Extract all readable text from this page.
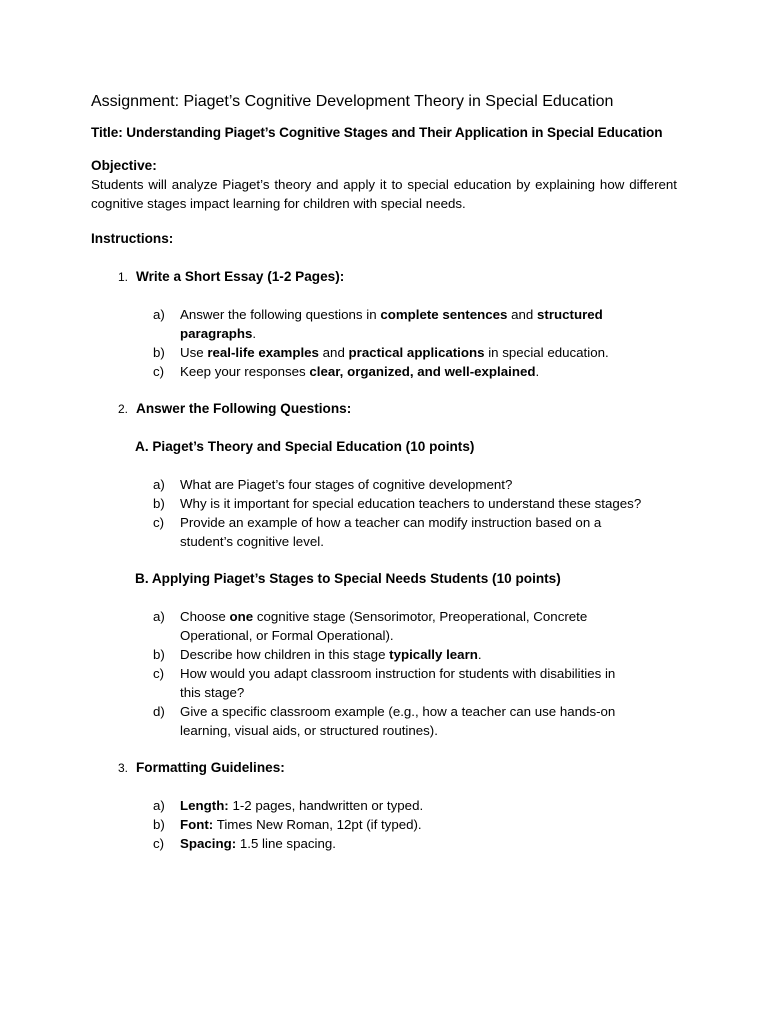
Assignment: Piaget’s Cognitive Development Theory in Special Education
Title: Understanding Piaget’s Cognitive Stages and Their Application in Special Education
Objective:
Students will analyze Piaget’s theory and apply it to special education by explaining how different cognitive stages impact learning for children with special needs.
Instructions:
1. Write a Short Essay (1-2 Pages):
a)	Answer the following questions in complete sentences and structured paragraphs.
b)	Use real-life examples and practical applications in special education.
c)	Keep your responses clear, organized, and well-explained.
2. Answer the Following Questions:
A. Piaget’s Theory and Special Education (10 points)
a)	What are Piaget’s four stages of cognitive development?
b)	Why is it important for special education teachers to understand these stages?
c)	Provide an example of how a teacher can modify instruction based on a student’s cognitive level.
B. Applying Piaget’s Stages to Special Needs Students (10 points)
a)	Choose one cognitive stage (Sensorimotor, Preoperational, Concrete Operational, or Formal Operational).
b)	Describe how children in this stage typically learn.
c)	How would you adapt classroom instruction for students with disabilities in this stage?
d)	Give a specific classroom example (e.g., how a teacher can use hands-on learning, visual aids, or structured routines).
3. Formatting Guidelines:
a)	Length: 1-2 pages, handwritten or typed.
b)	Font: Times New Roman, 12pt (if typed).
c)	Spacing: 1.5 line spacing.
